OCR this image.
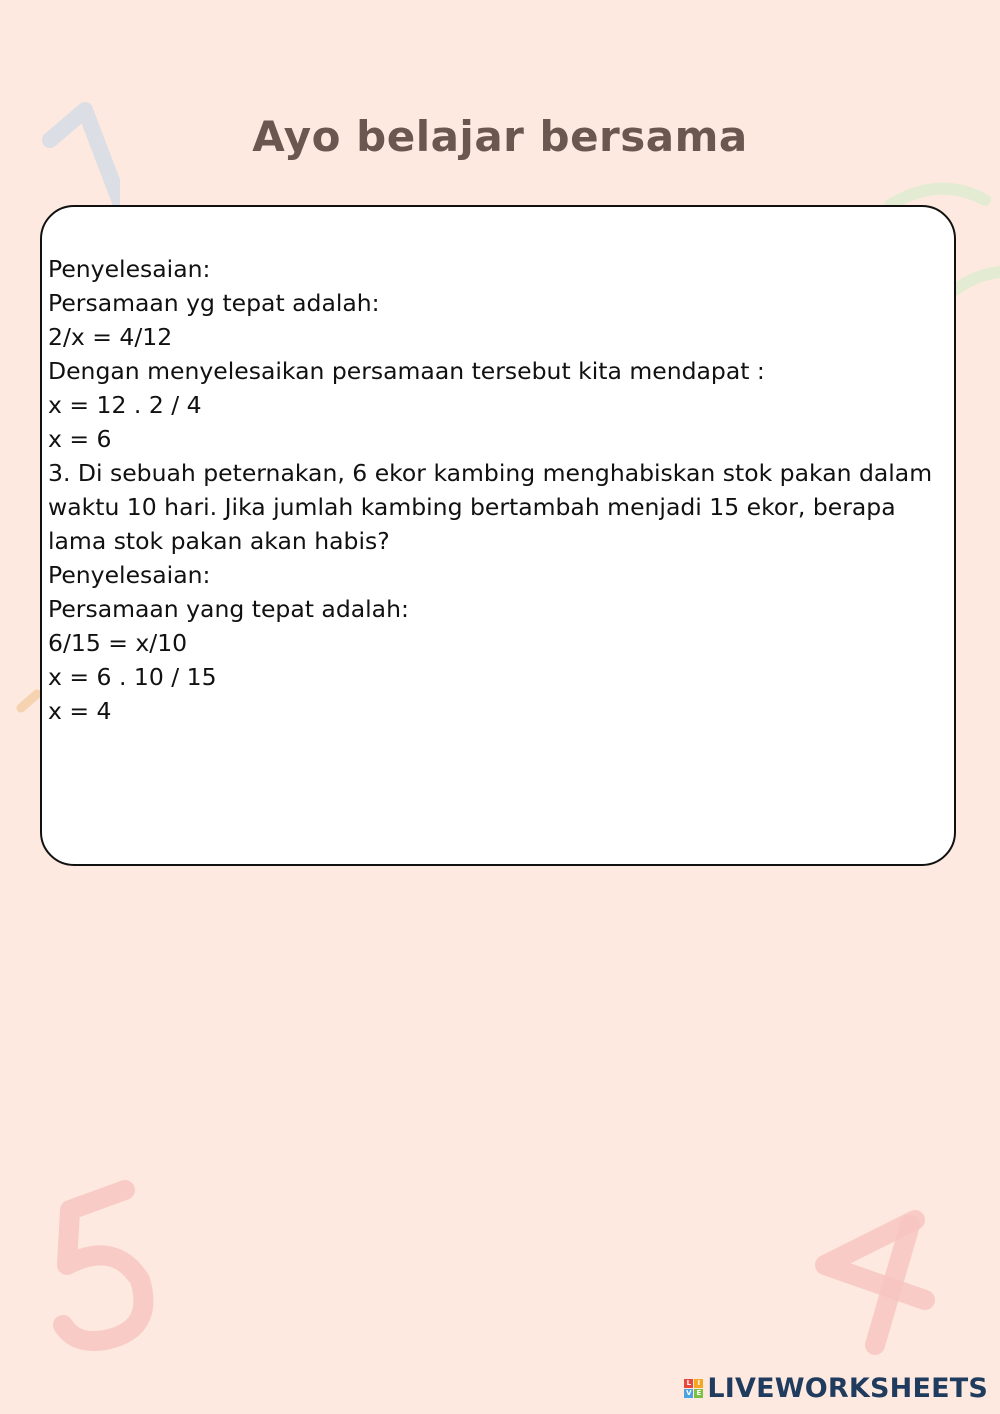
Ayo belajar bersama
Penyelesaian:
Persamaan yg tepat adalah:
2/x = 4/12
Dengan menyelesaikan persamaan tersebut kita mendapat :
x = 12 . 2 / 4
x = 6
3. Di sebuah peternakan, 6 ekor kambing menghabiskan stok pakan dalam
waktu 10 hari. Jika jumlah kambing bertambah menjadi 15 ekor, berapa
lama stok pakan akan habis?
Penyelesaian:
Persamaan yang tepat adalah:
6/15 = x/10
x = 6 . 10 / 15
x = 4
L I
V E LIVEWORKSHEETS
